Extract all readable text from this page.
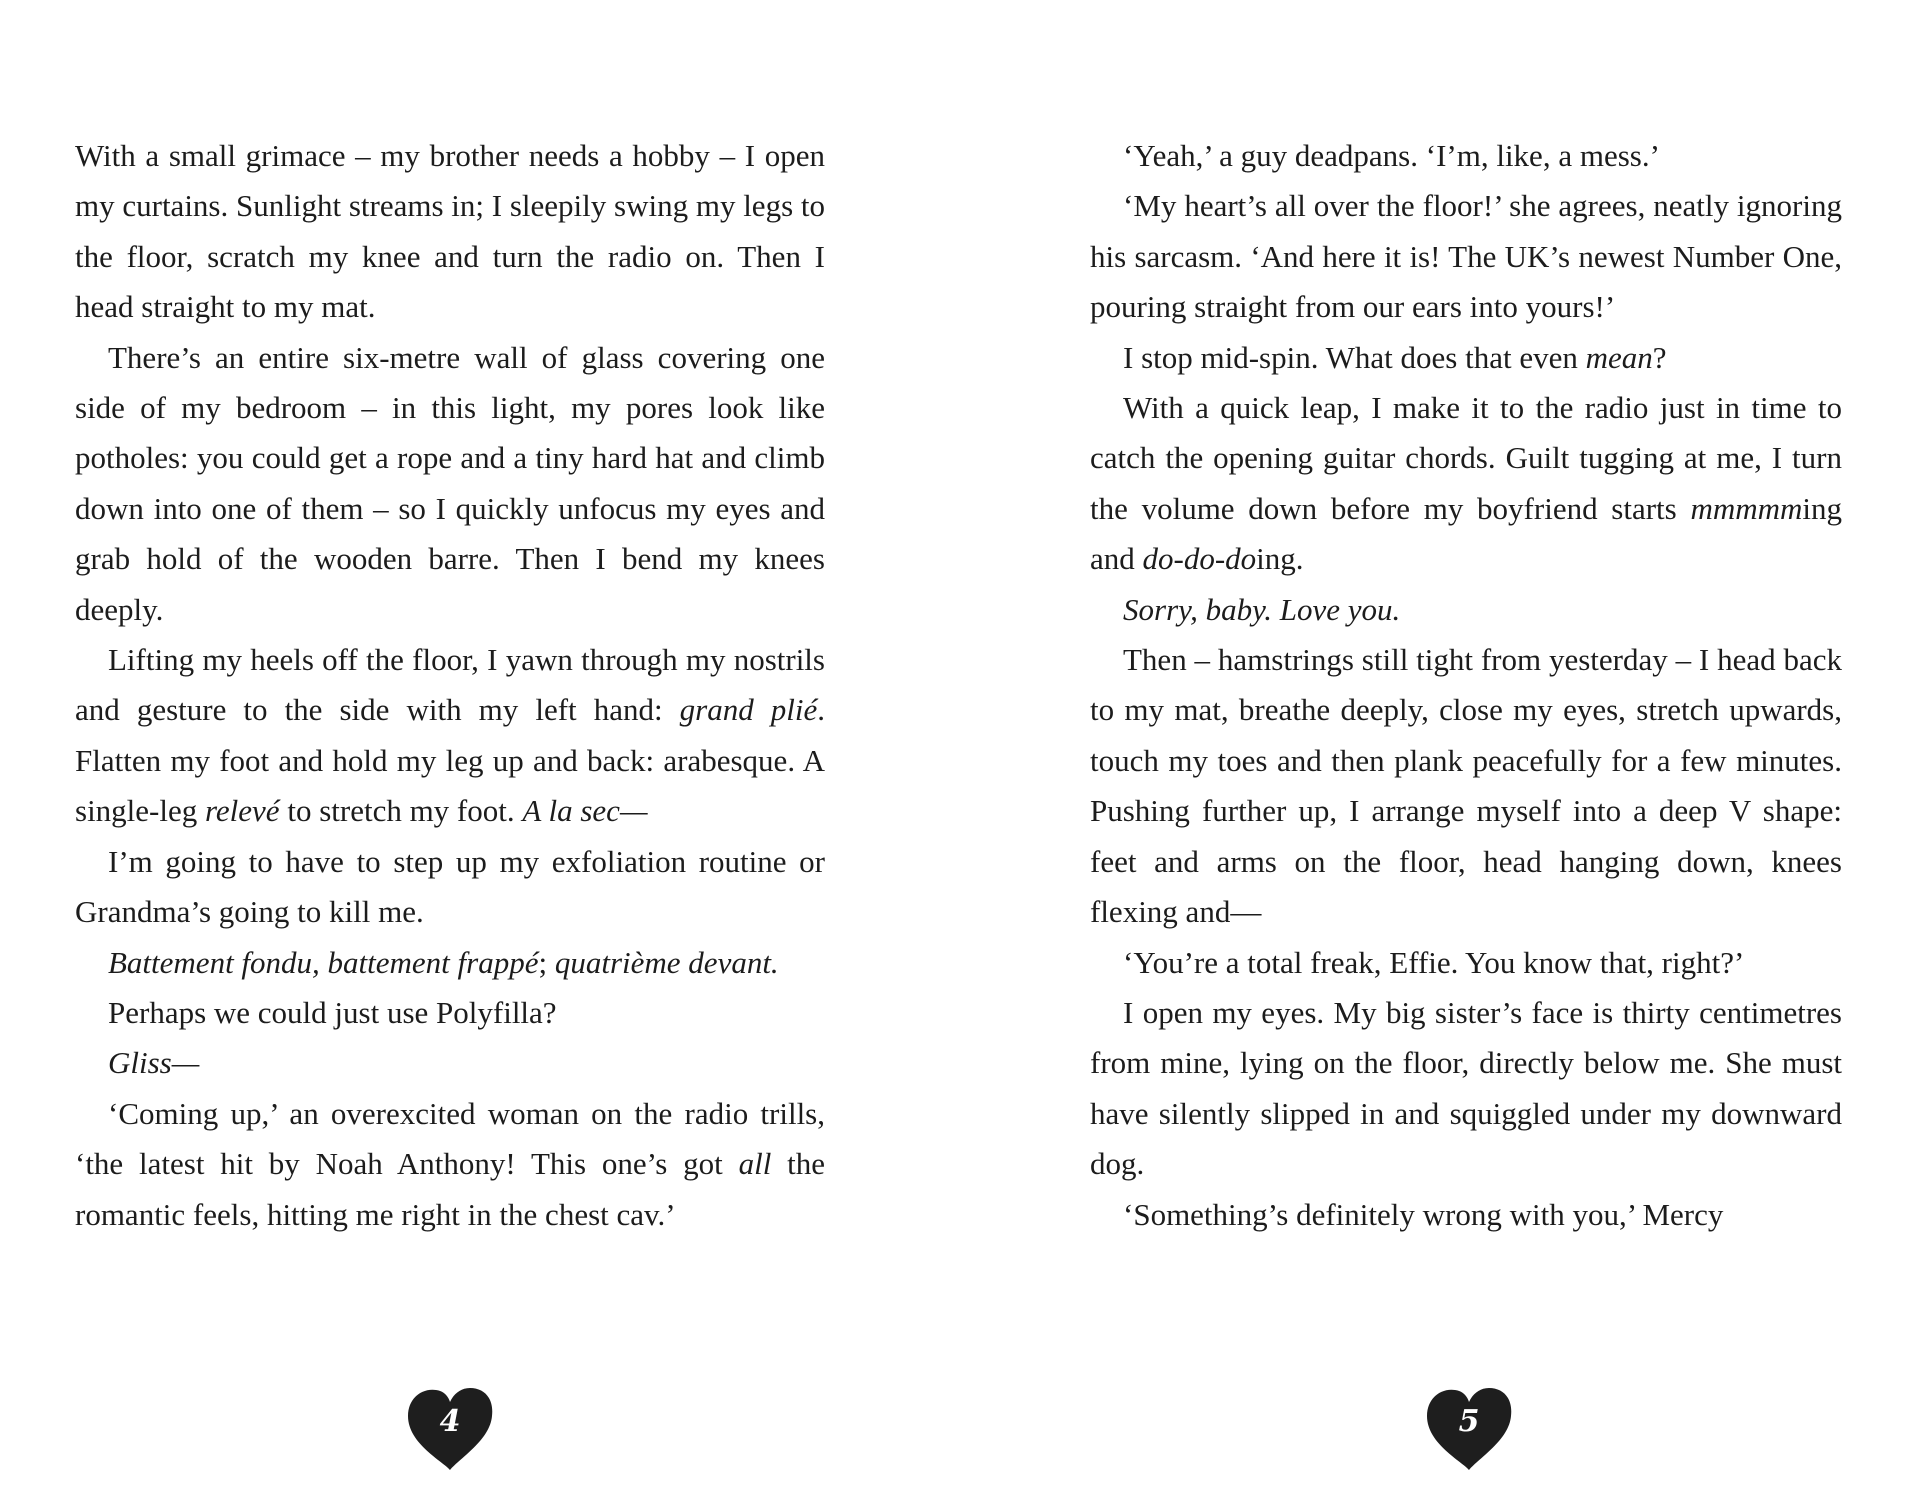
With a small grimace – my brother needs a hobby – I open my curtains. Sunlight streams in; I sleepily swing my legs to the floor, scratch my knee and turn the radio on. Then I head straight to my mat.

There’s an entire six-metre wall of glass covering one side of my bedroom – in this light, my pores look like potholes: you could get a rope and a tiny hard hat and climb down into one of them – so I quickly unfocus my eyes and grab hold of the wooden barre. Then I bend my knees deeply.

Lifting my heels off the floor, I yawn through my nostrils and gesture to the side with my left hand: grand plié. Flatten my foot and hold my leg up and back: arabesque. A single-leg relevé to stretch my foot. A la sec—

I’m going to have to step up my exfoliation routine or Grandma’s going to kill me.

Battement fondu, battement frappé; quatrième devant.

Perhaps we could just use Polyfilla?

Gliss—

‘Coming up,’ an overexcited woman on the radio trills, ‘the latest hit by Noah Anthony! This one’s got all the romantic feels, hitting me right in the chest cav.’

4

‘Yeah,’ a guy deadpans. ‘I’m, like, a mess.’

‘My heart’s all over the floor!’ she agrees, neatly ignoring his sarcasm. ‘And here it is! The UK’s newest Number One, pouring straight from our ears into yours!’

I stop mid-spin. What does that even mean?

With a quick leap, I make it to the radio just in time to catch the opening guitar chords. Guilt tugging at me, I turn the volume down before my boyfriend starts mmmmming and do-do-doing.

Sorry, baby. Love you.

Then – hamstrings still tight from yesterday – I head back to my mat, breathe deeply, close my eyes, stretch upwards, touch my toes and then plank peacefully for a few minutes. Pushing further up, I arrange myself into a deep V shape: feet and arms on the floor, head hanging down, knees flexing and—

‘You’re a total freak, Effie. You know that, right?’

I open my eyes. My big sister’s face is thirty centimetres from mine, lying on the floor, directly below me. She must have silently slipped in and squiggled under my downward dog.

‘Something’s definitely wrong with you,’ Mercy

5
